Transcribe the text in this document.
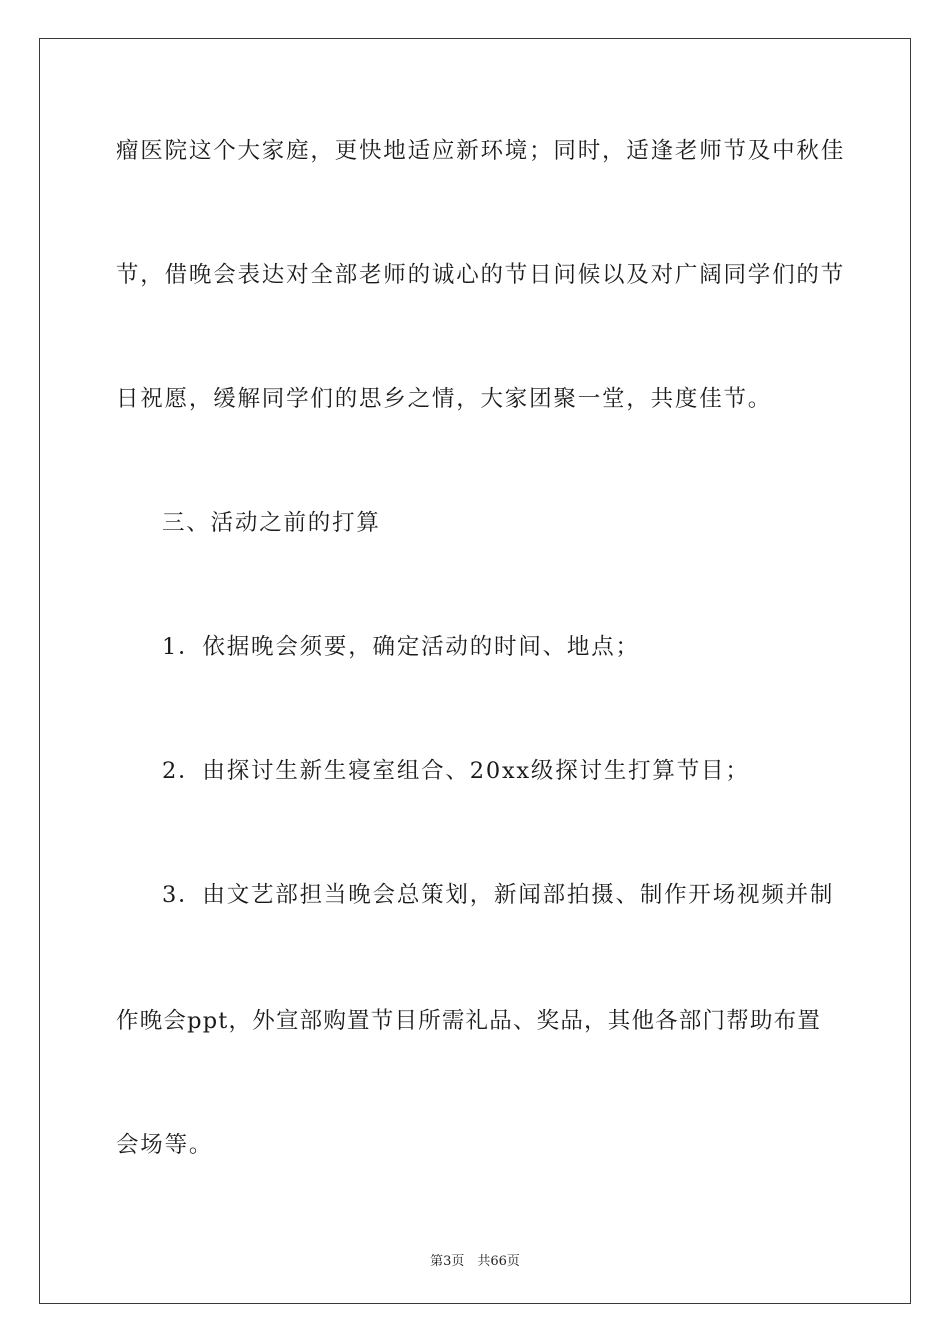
瘤医院这个大家庭，更快地适应新环境；同时，适逢老师节及中秋佳
节，借晚会表达对全部老师的诚心的节日问候以及对广阔同学们的节
日祝愿，缓解同学们的思乡之情，大家团聚一堂，共度佳节。
三、活动之前的打算
1．依据晚会须要，确定活动的时间、地点；
2．由探讨生新生寝室组合、20xx级探讨生打算节目；
3．由文艺部担当晚会总策划，新闻部拍摄、制作开场视频并制
作晚会ppt，外宣部购置节目所需礼品、奖品，其他各部门帮助布置
会场等。
第3页　共66页
